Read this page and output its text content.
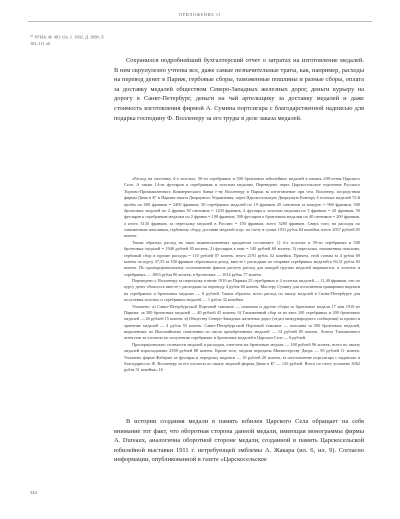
ПРИЛОЖЕНИЕ II
$^{16}$ РГИА. Ф. 481. Оп. 1. 1902. Д. 1980. Л. 103–111 об.

Сохранился подробнейший бухгалтерский отчет о затратах на изготовление медалей. В нем скрупулезно учтены все, даже самые незначительные траты, как, например, расходы на перевод денег в Париж, гербовые сборы, таможенные пошлины и разные сборы, оплата за доставку медалей обществом Северо-Западных железных дорог, деньги курьеру на дорогу в Санкт-Петербург, деньги на чай артельщику за доставку медалей и даже стоимость изготовления фирмой А. Сумина портсигара с благодарственной надписью для подарка господину Ф. Волленеру за его труды в деле заказа медалей.

«Расход на заготовку 4-х золотых, 50-ти серебряных и 500 бронзовых юбилейных медалей в память 200-летия Царского Села. А также 14-ти футляров к серебряным и золотым медалям. Переведено через Царскосельское отделение Русского Торгово-Промышленного Коммерческого банка г-ну Волленеру в Париж за изготовление при сем. Волленер, посредством фирмы Дюко в К° в Париже заказа Дворцового Управления, через Царскосельскую Дворцовую Контору 4 золотых медалей 72-й пробы по 600 франков = 2400 франков, 50 серебряных медалей по 19 франков 20 сантимов за каждую = 960 франков, 500 бронзовых медалей по 2 франка 50 сантимов = 1250 франков, 4 футляра к золотым медалям по 5 франков = 20 франков, 50 футляров к серебряным медалям по 2 франка = 100 франков, 500 футляров к бронзовым медалям по 40 сантимов = 200 франков, а итого 5130 франков, за пересылку медалей в Россию = 150 франков, всего 5280 франков. Сверх того, на расходы по таможенным пошлинам, гербовому сбору, доставке медалей и пр. по счету в сумме 1931 рубль 84 копейки, итого 2057 рублей 05 копеек.

Таким образом, расход на заказ вышеизложенных предметов составляет: 1) 4-х золотых и 50-ти серебряных и 500 бронзовых медалей = 1940 рублей 85 копеек; 2) футляров к ним = 140 рублей 60 копеек; 3) пересылка, таможенная пошлина, гербовый сбор и прочие расходы = 110 рублей 07 копеек, итого 2191 рубль 52 копейки. Причем, этой суммы за 4 рубля 69 копеек по курсу 37,55 за 100 франков образовался доход, вместе с расходами по отправке серебряных медалей в 56,31 рубль 65 копеек. По пропорциональному соотношению фактов расчету расход для каждой группы медалей выражается: в золотых и серебряных — 1003 рубля 86 копеек, в бронзовых — 1014 рубль 77 копеек.

Переведено г. Волленеру за пересылку в июне 1910 из Парижа 25 серебряных и 4 золотых медалей — 11,40 франков, что по курсу денег обошлось вместе с расходами по переводу 4 рубля 60 копеек. Мастеру Сумину для исполнения гравировки надписи на серебряных и бронзовых медалях — 8 рублей. Таким образом, всего расход по заказу медалей в Санкт-Петербурге для получения золотых и серебряных медалей — 1 рубль 32 копейки.

Уплачено: а) Санкт-Петербургской Портовой таможне — пошлина и другие сборы за бронзовые медали 17 мая 1910 из Парижа: за 500 бронзовых медалей — 40 рублей 45 копеек; б) Таможенный сбор за их ввоз 100 серебряных и 200 бронзовых медалей — 26 рублей 15 копеек; в) Обществу Северо-Западных железных дорог (отдел международного сообщения) за провоз и хранение медалей — 4 рубля 55 копеек. Санкт-Петербургской Портовой таможне — пошлина за 500 бронзовых медалей, выделенных по Высочайшему повелению из числа приобретенных медалей — 14 рублей 85 копеек. Агенту Таможенного агентства за хлопоты по получению серебряных и бронзовых медалей в Царском Селе — 6 рублей.

Пропорционально стоимости медалей и расходам, отнесено на бронзовые медали — 168 рублей 96 копеек, всего по заказу медалей израсходовано 2398 рублей 88 копеек. Кроме того, медали переданы Министерству Двора — 85 рублей 11 копеек. Уплачено фирме Фаберже за футляры и переделку надписи — 10 рублей 20 копеек, за изготовление портсигара с надписью в благодарность Ф. Волленеру за его хлопоты по заказу медалей фирмы Дюко в К° — 126 рублей. Всего по счету уплачено 3062 рубля 51 копейка».16

В истории создания медали в память юбилея Царского Села обращает на себя внимание тот факт, что оборотная сторона данной медали, имеющая монограммы фирмы A. Dureaux, аналогична оборотной стороне медали, созданной в память Царскосельской юбилейной выставки 1911 г. нетребующей эмблемы А. Жакара (ил. 6, ил. 9). Согласно информации, опубликованной в газете «Царскосельское

344
